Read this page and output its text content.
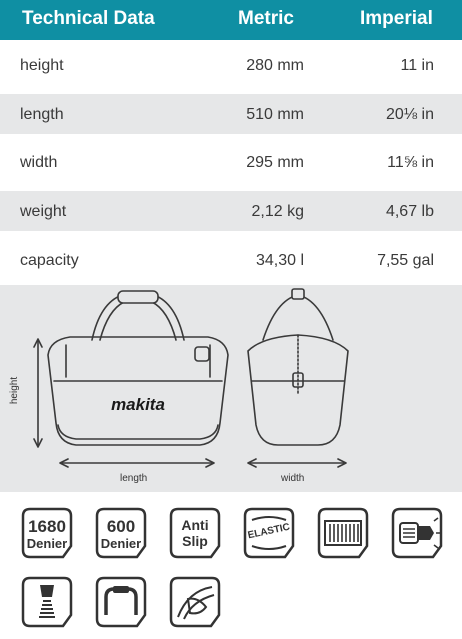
Technical Data	Metric	Imperial
height	280 mm	11 in
length	510 mm	20⅛ in
width	295 mm	11⅝ in
weight	2,12 kg	4,67 lb
capacity	34,30 l	7,55 gal
makita
length	width
height
1680
Denier
600
Denier
Anti
Slip	ELASTIC
